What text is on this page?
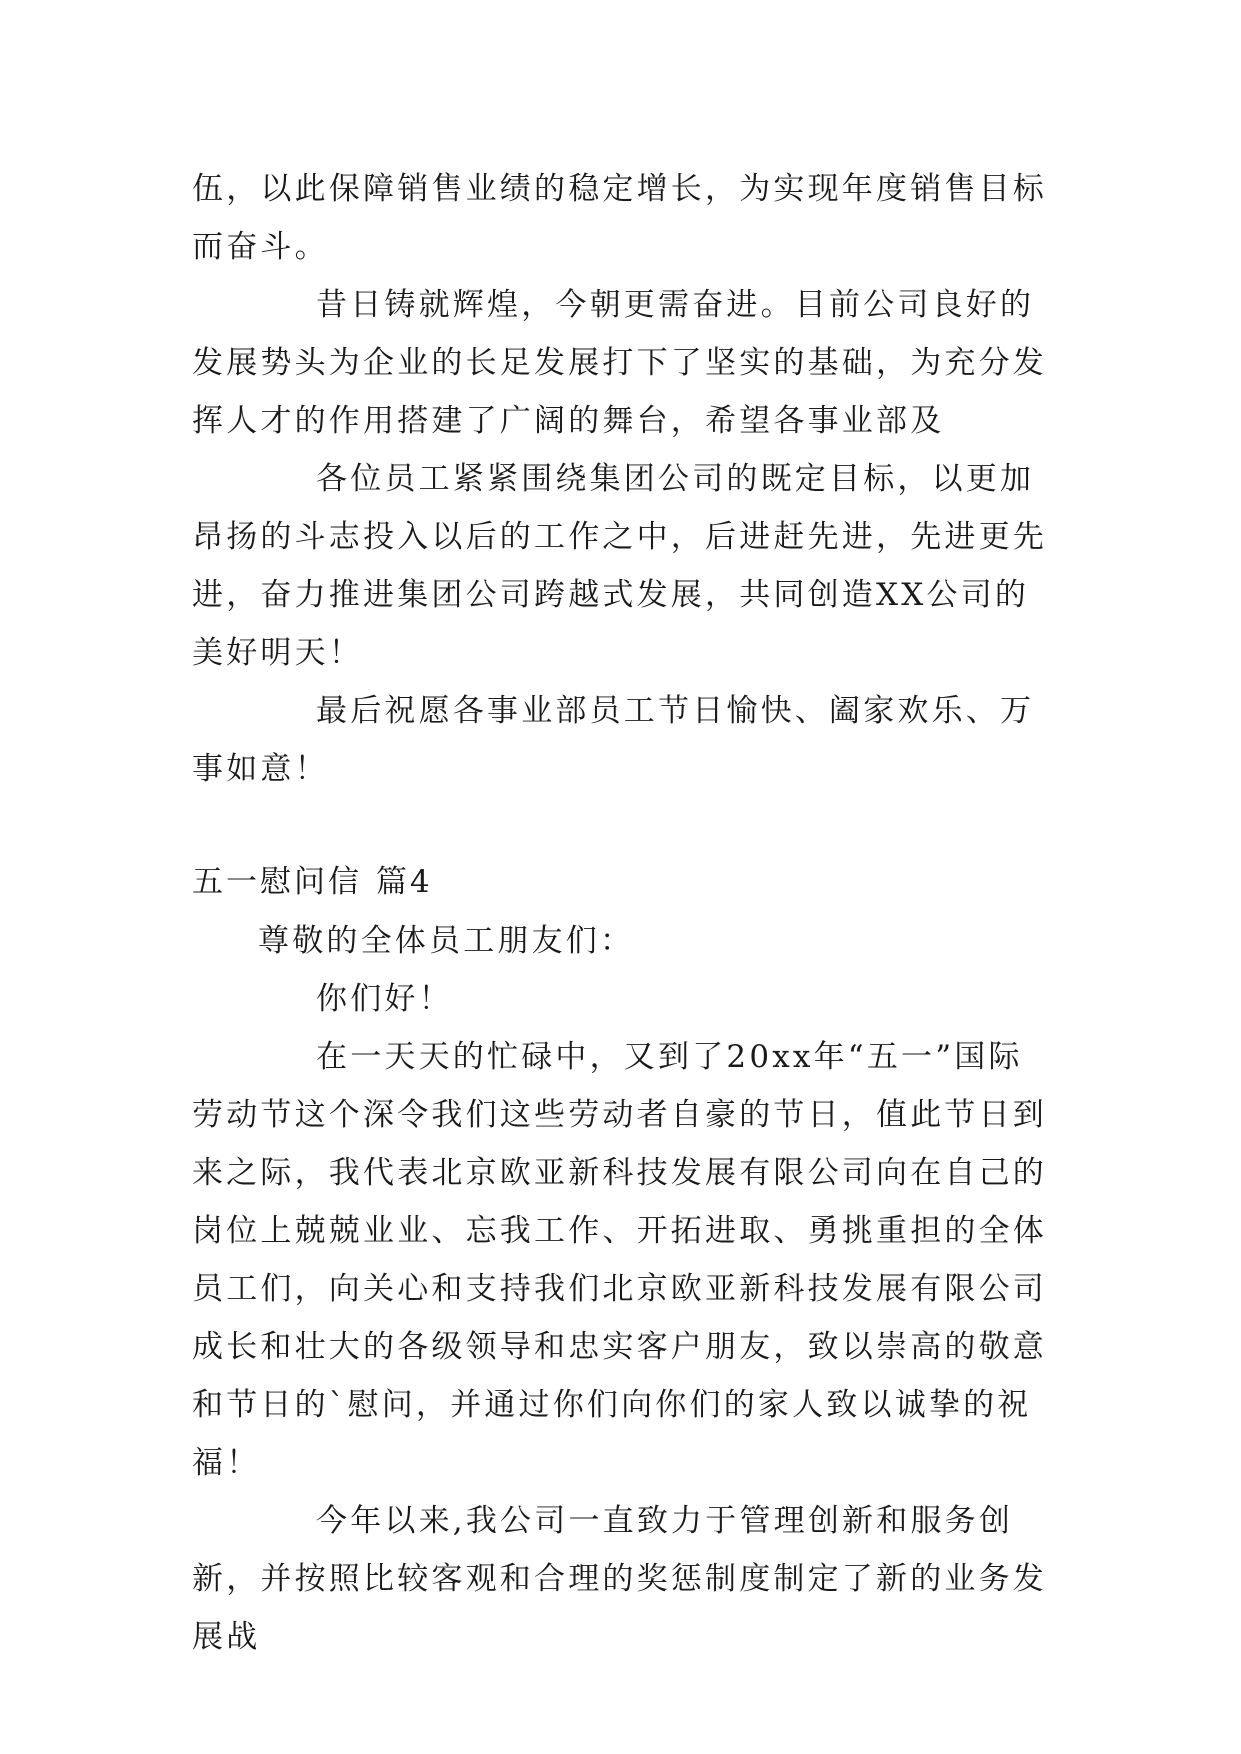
伍，以此保障销售业绩的稳定增长，为实现年度销售目标而奋斗。

昔日铸就辉煌，今朝更需奋进。目前公司良好的发展势头为企业的长足发展打下了坚实的基础，为充分发挥人才的作用搭建了广阔的舞台，希望各事业部及

各位员工紧紧围绕集团公司的既定目标，以更加昂扬的斗志投入以后的工作之中，后进赶先进，先进更先进，奋力推进集团公司跨越式发展，共同创造XX公司的美好明天！

最后祝愿各事业部员工节日愉快、阖家欢乐、万事如意！

五一慰问信 篇4

尊敬的全体员工朋友们：

你们好！

在一天天的忙碌中，又到了20xx年“五一”国际劳动节这个深令我们这些劳动者自豪的节日，值此节日到来之际，我代表北京欧亚新科技发展有限公司向在自己的岗位上兢兢业业、忘我工作、开拓进取、勇挑重担的全体员工们，向关心和支持我们北京欧亚新科技发展有限公司成长和壮大的各级领导和忠实客户朋友，致以崇高的敬意和节日的`慰问，并通过你们向你们的家人致以诚挚的祝福！

今年以来,我公司一直致力于管理创新和服务创新，并按照比较客观和合理的奖惩制度制定了新的业务发展战
